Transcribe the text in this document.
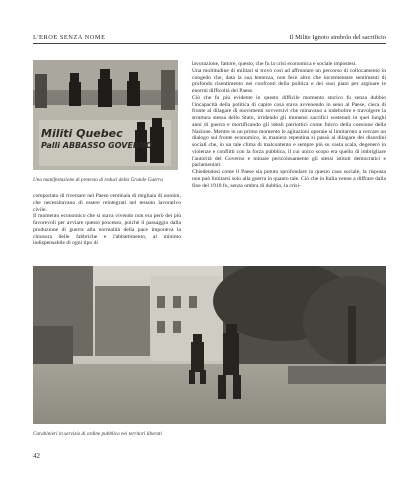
L'EROE SENZA NOME	Il Milite Ignoto simbolo del sacrificio
Militi Quebec
Palli ABBASSO GOVERNO
Una manifestazione di protesta di reduci della Grande Guerra

comportato di riversare nel Paese centinaia di migliaia di uomini, che necessitavano di essere reintegrati nel tessuto lavorativo civile.

Il momento economico che si stava vivendo non era però dei più favorevoli per avviare questo processo, poiché il passaggio dalla produzione di guerra alla normalità della pace imponeva la chiusura delle fabbriche e l'abbattimento, al minimo indispensabile di ogni tipo di

lavorazione, fattore, questo, che fu la crisi economica e sociale impostesi.

Una moltitudine di militari si trovò così ad affrontare un percorso di collocamento in congedo che, data la sua lentezza, non fece altro che incrementare sentimenti di profondo risentimento nei confronti della politica e dei suoi piani per arginare le enormi difficoltà del Paese.

Ciò che fu più evidente in questo difficile momento storico fu senza dubbio l'incapacità della politica di capire cosa stava avvenendo in seno al Paese, cieca di fronte al dilagare di movimenti sovversivi che minavano a indebolire e travolgere la struttura stessa dello Stato, irridendo gli immensi sacrifici sostenuti in quei lunghi anni di guerra e mortificando gli ideali patriottici come fulcro della coesione della Nazione. Mentre in un primo momento le agitazioni operaie si limitarono a cercare un dialogo sul fronte economico, in maniera repentina si passò al dilagare dei disordini sociali che, in un tale clima di malcontento e sempre più su vasta scala, degenerò in violenze e conflitti con la forza pubblica, il cui unico scopo era quello di imbrigliare l'autorità del Governo e minare pericolosamente gli stessi istituti democratici e parlamentari.

Chiedendosi come il Paese sia potuto sprofondare in questo caos sociale, la risposta non può limitarsi solo alla guerra in quanto tale. Ciò che in Italia venne a diffrare dalla fine del 1918 fu, senza ombra di dubbio, la crisi-

Carabinieri in servizio di ordine pubblico nei territori liberati
42
